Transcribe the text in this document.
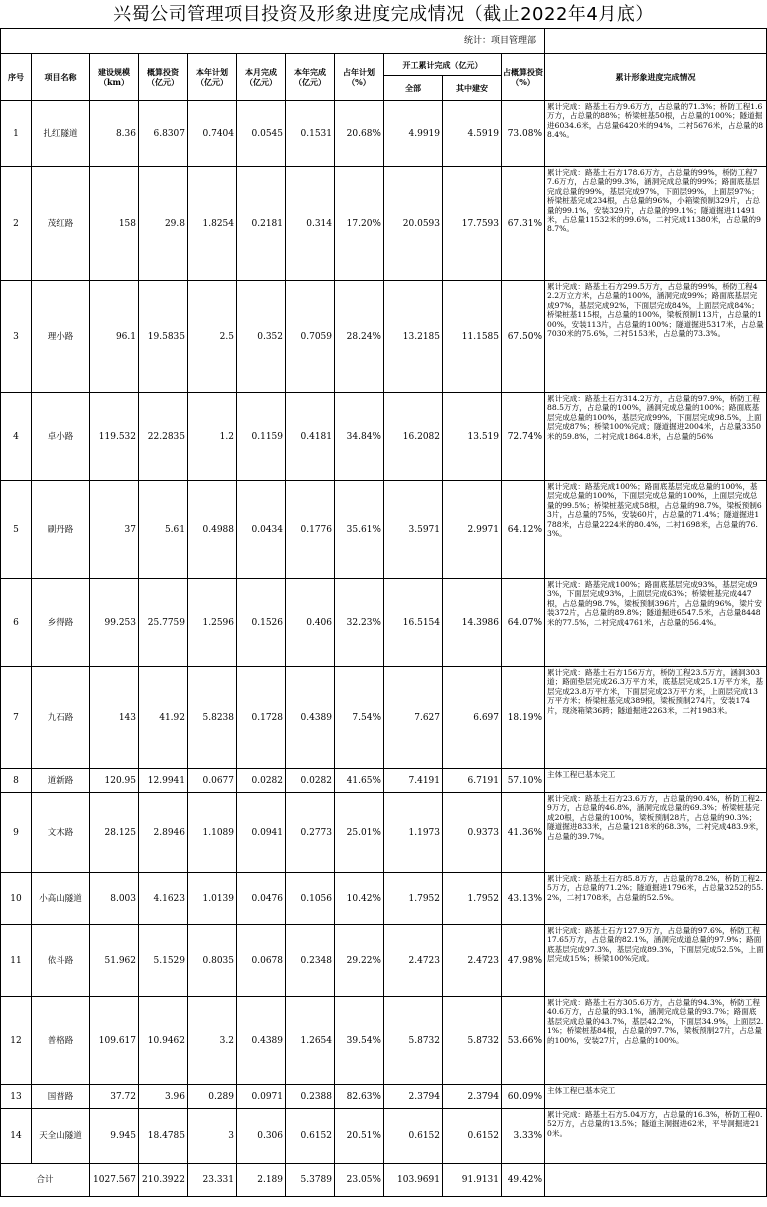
兴蜀公司管理项目投资及形象进度完成情况（截止2022年4月底）
统计：项目管理部											
序号	项目名称	建设规模（km）	概算投资（亿元）	本年计划（亿元）	本月完成（亿元）	本年完成（亿元）	占年计划（%）	开工累计完成（亿元）		占概算投资（%）	累计形象进度完成情况
								全部	其中建安		
1	扎红隧道	8.36	6.8307	0.7404	0.0545	0.1531	20.68%	4.9919	4.5919	73.08%	累计完成：路基土石方9.6万方，占总量的71.3%；桥防工程1.6万方，占总量的88%；桥梁桩基50根，占总量的100%；隧道掘进6034.6米，占总量6420米的94%，二衬5676米，占总量的88.4%。
2	茂红路	158	29.8	1.8254	0.2181	0.314	17.20%	20.0593	17.7593	67.31%	累计完成：路基土石方178.6万方，占总量的99%，桥防工程77.6万方，占总量的99.3%，涵洞完成总量的99%；路面底基层完成总量的99%，基层完成97%，下面层99%，上面层97%；桥梁桩基完成234根，占总量的96%，小箱梁预制329片，占总量的99.1%，安装329片，占总量的99.1%；隧道掘进11491米，占总量11532米的99.6%，二衬完成11380米，占总量的98.7%。
3	理小路	96.1	19.5835	2.5	0.352	0.7059	28.24%	13.2185	11.1585	67.50%	累计完成：路基土石方299.5万方，占总量的99%，桥防工程42.2万立方米，占总量的100%，涵洞完成99%；路面底基层完成97%，基层完成92%，下面层完成84%，上面层完成84%；桥梁桩基115根，占总量的100%，梁板预制113片，占总量的100%，安装113片，占总量的100%；隧道掘进5317米，占总量7030米的75.6%，二衬5153米，占总量的73.3%。
4	卓小路	119.532	22.2835	1.2	0.1159	0.4181	34.84%	16.2082	13.519	72.74%	累计完成：路基土石方314.2万方，占总量的97.9%，桥防工程88.5万方，占总量的100%，涵洞完成总量的100%；路面底基层完成总量的100%，基层完成99%，下面层完成98.5%，上面层完成87%；桥梁100%完成；隧道掘进2004米，占总量3350米的59.8%，二衬完成1864.8米，占总量的56%
5	刷丹路	37	5.61	0.4988	0.0434	0.1776	35.61%	3.5971	2.9971	64.12%	累计完成：路基完成100%；路面底基层完成总量的100%，基层完成总量的100%，下面层完成总量的100%，上面层完成总量的99.5%；桥梁桩基完成58根，占总量的98.7%，梁板预制63片，占总量的75%，安装60片，占总量的71.4%；隧道掘进1788米，占总量2224米的80.4%，二衬1698米，占总量的76.3%。
6	乡得路	99.253	25.7759	1.2596	0.1526	0.406	32.23%	16.5154	14.3986	64.07%	累计完成：路基完成100%；路面底基层完成93%，基层完成93%，下面层完成93%，上面层完成63%；桥梁桩基完成447根，占总量的98.7%，梁板预制396片，占总量的96%，梁片安装372片，占总量的89.8%；隧道掘进6547.5米，占总量8448米的77.5%，二衬完成4761米，占总量的56.4%。
7	九石路	143	41.92	5.8238	0.1728	0.4389	7.54%	7.627	6.697	18.19%	累计完成：路基土石方156万方，桥防工程23.5万方，涵洞303道；路面垫层完成26.3万平方米，底基层完成25.1万平方米，基层完成23.8万平方米，下面层完成23万平方米，上面层完成13万平方米；桥梁桩基完成389根，梁板预制274片，安装174片，现浇箱梁36跨；隧道掘进2263米，二衬1983米。
8	道新路	120.95	12.9941	0.0677	0.0282	0.0282	41.65%	7.4191	6.7191	57.10%	主体工程已基本完工
9	文木路	28.125	2.8946	1.1089	0.0941	0.2773	25.01%	1.1973	0.9373	41.36%	累计完成：路基土石方23.6万方，占总量的90.4%，桥防工程2.9万方，占总量的46.8%，涵洞完成总量的69.3%；桥梁桩基完成20根，占总量的100%，梁板预制28片，占总量的90.3%；隧道掘进833米，占总量1218米的68.3%，二衬完成483.9米，占总量的39.7%。
10	小高山隧道	8.003	4.1623	1.0139	0.0476	0.1056	10.42%	1.7952	1.7952	43.13%	累计完成：路基土石方85.8万方，占总量的78.2%，桥防工程2.5万方，占总量的71.2%；隧道掘进1796米，占总量3252的55.2%，二衬1708米，占总量的52.5%。
11	依斗路	51.962	5.1529	0.8035	0.0678	0.2348	29.22%	2.4723	2.4723	47.98%	累计完成：路基土石方127.9万方，占总量的97.6%，桥防工程17.65万方，占总量的82.1%，涵洞完成道总量的97.9%；路面底基层完成97.3%，基层完成89.3%，下面层完成52.5%，上面层完成15%；桥梁100%完成。
12	普格路	109.617	10.9462	3.2	0.4389	1.2654	39.54%	5.8732	5.8732	53.66%	累计完成：路基土石方305.6万方，占总量的94.3%，桥防工程40.6万方，占总量的93.1%，涵洞完成总量的93.7%；路面底基层完成总量的43.7%，基层42.2%，下面层34.9%，上面层2.1%；桥梁桩基84根，占总量的97.7%，梁板预制27片，占总量的100%，安装27片，占总量的100%。
13	国普路	37.72	3.96	0.289	0.0971	0.2388	82.63%	2.3794	2.3794	60.09%	主体工程已基本完工
14	天全山隧道	9.945	18.4785	3	0.306	0.6152	20.51%	0.6152	0.6152	3.33%	累计完成：路基土石方5.04万方，占总量的16.3%，桥防工程0.52万方，占总量的13.5%；隧道主洞掘进62米，平导洞掘进210米。
合计		1027.567	210.3922	23.331	2.189	5.3789	23.05%	103.9691	91.9131	49.42%	
